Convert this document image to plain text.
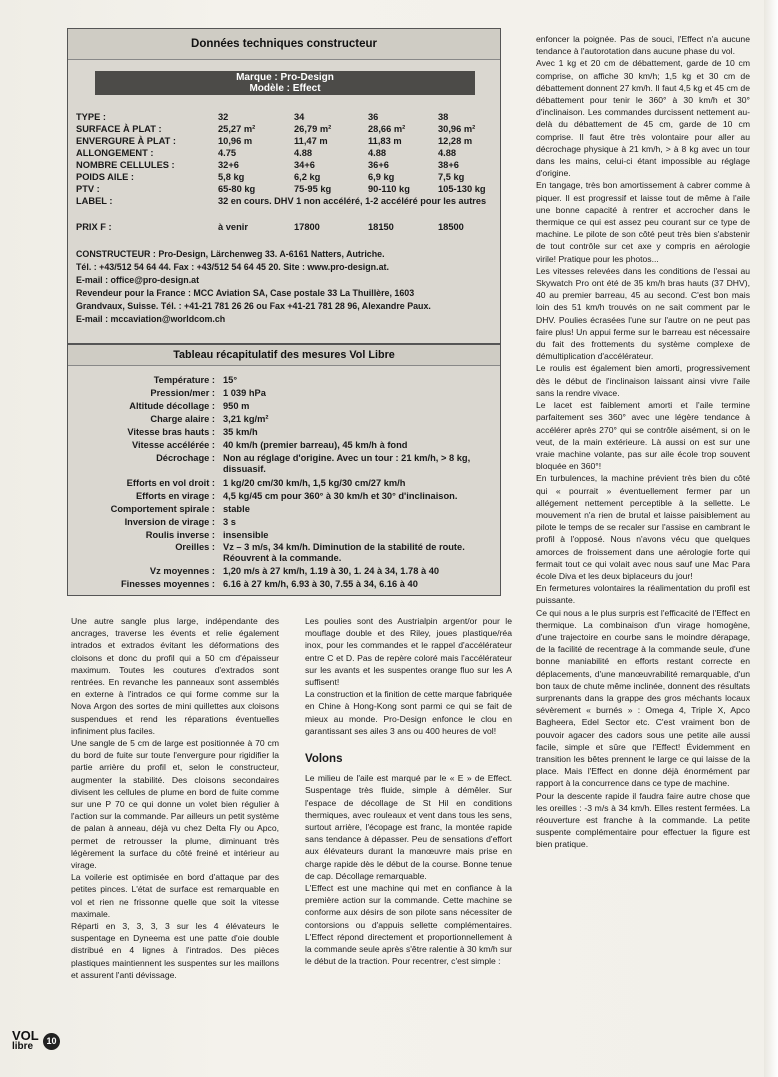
Données techniques constructeur
Marque : Pro-Design
Modèle : Effect
TYPE :	32	34	36	38
SURFACE À PLAT :	25,27 m²	26,79 m²	28,66 m²	30,96 m²
ENVERGURE À PLAT :	10,96 m	11,47 m	11,83 m	12,28 m
ALLONGEMENT :	4.75	4.88	4.88	4.88
NOMBRE CELLULES :	32+6	34+6	36+6	38+6
POIDS AILE :	5,8 kg	6,2 kg	6,9 kg	7,5 kg
PTV :	65-80 kg	75-95 kg	90-110 kg	105-130 kg
LABEL :	32 en cours. DHV 1 non accéléré, 1-2 accéléré pour les autres
PRIX F :	à venir	17800	18150	18500
CONSTRUCTEUR : Pro-Design, Lärchenweg 33. A-6161 Natters, Autriche.
Tél. : +43/512 54 64 44. Fax : +43/512 54 64 45 20. Site : www.pro-design.at.
E-mail : office@pro-design.at
Revendeur pour la France : MCC Aviation SA, Case postale 33 La Thuillère, 1603
Grandvaux, Suisse. Tél. : +41-21 781 26 26 ou Fax +41-21 781 28 96, Alexandre Paux.
E-mail : mccaviation@worldcom.ch
Tableau récapitulatif des mesures Vol Libre
Température : 15°
Pression/mer : 1 039 hPa
Altitude décollage : 950 m
Charge alaire : 3,21 kg/m²
Vitesse bras hauts : 35 km/h
Vitesse accélérée : 40 km/h (premier barreau), 45 km/h à fond
Décrochage : Non au réglage d'origine. Avec un tour : 21 km/h, > 8 kg, dissuasif.
Efforts en vol droit : 1 kg/20 cm/30 km/h, 1,5 kg/30 cm/27 km/h
Efforts en virage : 4,5 kg/45 cm pour 360° à 30 km/h et 30° d'inclinaison.
Comportement spirale : stable
Inversion de virage : 3 s
Roulis inverse : insensible
Oreilles : Vz – 3 m/s, 34 km/h. Diminution de la stabilité de route. Réouvrent à la commande.
Vz moyennes : 1,20 m/s à 27 km/h, 1.19 à 30, 1. 24 à 34, 1.78 à 40
Finesses moyennes : 6.16 à 27 km/h, 6.93 à 30, 7.55 à 34, 6.16 à 40

Une autre sangle plus large, indépendante des ancrages, traverse les évents et relie également intrados et extrados évitant les déformations des cloisons et donc du profil qui a 50 cm d'épaisseur maximum. Toutes les coutures d'extrados sont rentrées. En revanche les panneaux sont assemblés en externe à l'intrados ce qui forme comme sur la Nova Argon des sortes de mini quillettes aux cloisons suspendues et rend les réparations éventuelles infiniment plus faciles.

Une sangle de 5 cm de large est positionnée à 70 cm du bord de fuite sur toute l'envergure pour rigidifier la partie arrière du profil et, selon le constructeur, augmenter la stabilité. Des cloisons secondaires divisent les cellules de plume en bord de fuite comme sur une P 70 ce qui donne un volet bien régulier à l'action sur la commande. Par ailleurs un petit système de palan à anneau, déjà vu chez Delta Fly ou Apco, permet de retrousser la plume, diminuant très légèrement la surface du côté freiné et intérieur au virage.

La voilerie est optimisée en bord d'attaque par des petites pinces. L'état de surface est remarquable en vol et rien ne frissonne quelle que soit la vitesse maximale.

Réparti en 3, 3, 3, 3 sur les 4 élévateurs le suspentage en Dyneema est une patte d'oie double distribué en 4 lignes à l'intrados. Des pièces plastiques maintiennent les suspentes sur les maillons et assurent l'anti dévissage.

Les poulies sont des Austrialpin argent/or pour le mouflage double et des Riley, joues plastique/réa inox, pour les commandes et le rappel d'accélérateur entre C et D. Pas de repère coloré mais l'accélérateur sur les avants et les suspentes orange fluo sur les A suffisent!

La construction et la finition de cette marque fabriquée en Chine à Hong-Kong sont parmi ce qui se fait de mieux au monde. Pro-Design enfonce le clou en garantissant ses ailes 3 ans ou 400 heures de vol!

Volons

Le milieu de l'aile est marqué par le « E » de Effect. Suspentage très fluide, simple à démêler. Sur l'espace de décollage de St Hil en conditions thermiques, avec rouleaux et vent dans tous les sens, surtout arrière, l'écopage est franc, la montée rapide sans tendance à dépasser. Peu de sensations d'effort aux élévateurs durant la manœuvre mais prise en charge rapide dès le début de la course. Bonne tenue de cap. Décollage remarquable.

L'Effect est une machine qui met en confiance à la première action sur la commande. Cette machine se conforme aux désirs de son pilote sans nécessiter de contorsions ou d'appuis sellette complémentaires. L'Effect répond directement et proportionnellement à la commande seule après s'être ralentie à 30 km/h sur le début de la traction. Pour recentrer, c'est simple :

enfoncer la poignée. Pas de souci, l'Effect n'a aucune tendance à l'autorotation dans aucune phase du vol.

Avec 1 kg et 20 cm de débattement, garde de 10 cm comprise, on affiche 30 km/h; 1,5 kg et 30 cm de débattement donnent 27 km/h. Il faut 4,5 kg et 45 cm de débattement pour tenir le 360° à 30 km/h et 30° d'inclinaison. Les commandes durcissent nettement au-delà du débattement de 45 cm, garde de 10 cm comprise. Il faut être très volontaire pour aller au décrochage physique à 21 km/h, > à 8 kg avec un tour dans les mains, celui-ci étant impossible au réglage d'origine.

En tangage, très bon amortissement à cabrer comme à piquer. Il est progressif et laisse tout de même à l'aile une bonne capacité à rentrer et accrocher dans le thermique ce qui est assez peu courant sur ce type de machine. Le pilote de son côté peut très bien s'abstenir de tout contrôle sur cet axe y compris en aérologie virile! Pratique pour les photos...

Les vitesses relevées dans les conditions de l'essai au Skywatch Pro ont été de 35 km/h bras hauts (37 DHV), 40 au premier barreau, 45 au second. C'est bon mais loin des 51 km/h trouvés on ne sait comment par le DHV. Poulies écrasées l'une sur l'autre on ne peut pas faire plus! Un appui ferme sur le barreau est nécessaire du fait des frottements du système complexe de démultiplication d'accélérateur.

Le roulis est également bien amorti, progressivement dès le début de l'inclinaison laissant ainsi vivre l'aile sans la rendre vivace.

Le lacet est faiblement amorti et l'aile termine parfaitement ses 360° avec une légère tendance à accélérer après 270° qui se contrôle aisément, si on le veut, de la main extérieure. Là aussi on est sur une vraie machine volante, pas sur aile école trop souvent bloquée en 360°!

En turbulences, la machine prévient très bien du côté qui « pourrait » éventuellement fermer par un allégement nettement perceptible à la sellette. Le mouvement n'a rien de brutal et laisse paisiblement au pilote le temps de se recaler sur l'assise en cambrant le profil à l'opposé. Nous n'avons vécu que quelques amorces de froissement dans une aérologie forte qui fermait tout ce qui volait avec nous sauf une Mac Para école Diva et les deux biplaceurs du jour!

En fermetures volontaires la réalimentation du profil est puissante.

Ce qui nous a le plus surpris est l'efficacité de l'Effect en thermique. La combinaison d'un virage homogène, d'une trajectoire en courbe sans le moindre dérapage, de la facilité de recentrage à la commande seule, d'une bonne maniabilité en efforts restant correcte en déplacements, d'une manœuvrabilité remarquable, d'un bon taux de chute même inclinée, donnent des résultats surprenants dans la grappe des gros méchants locaux sévèrement « burnés » : Omega 4, Triple X, Apco Bagheera, Edel Sector etc. C'est vraiment bon de pouvoir agacer des cadors sous une petite aile aussi facile, simple et sûre que l'Effect! Évidemment en transition les bêtes prennent le large ce qui laisse de la place. Mais l'Effect en donne déjà énormément par rapport à la concurrence dans ce type de machine.

Pour la descente rapide il faudra faire autre chose que les oreilles : -3 m/s à 34 km/h. Elles restent fermées. La réouverture est franche à la commande. La petite suspente complémentaire pour effectuer la figure est bien pratique.

VOL
libre	10
